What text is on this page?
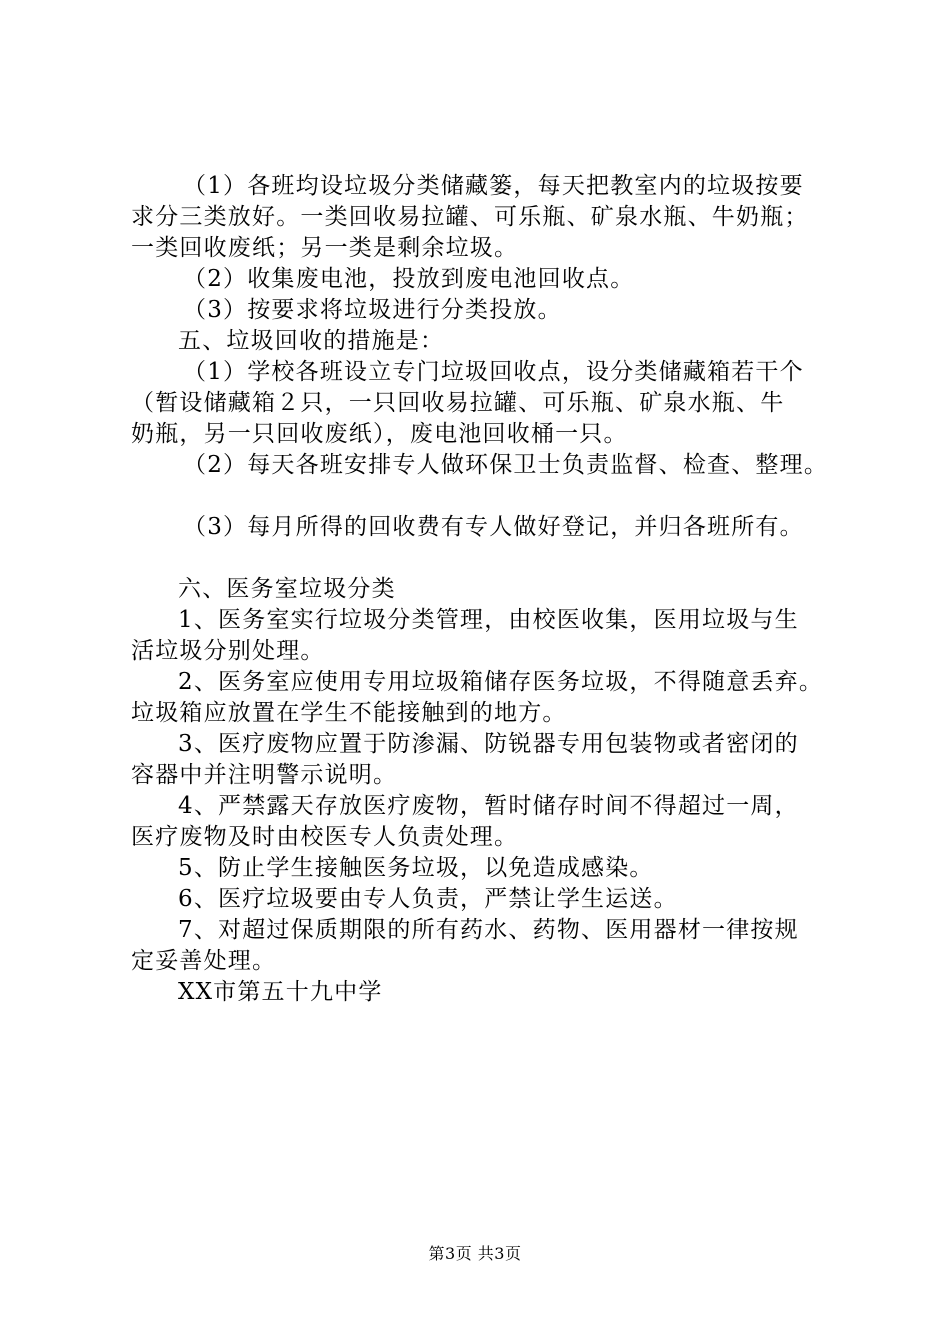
（1）各班均设垃圾分类储藏篓，每天把教室内的垃圾按要
求分三类放好。一类回收易拉罐、可乐瓶、矿泉水瓶、牛奶瓶；
一类回收废纸；另一类是剩余垃圾。
（2）收集废电池，投放到废电池回收点。
（3）按要求将垃圾进行分类投放。
五、垃圾回收的措施是：
（1）学校各班设立专门垃圾回收点，设分类储藏箱若干个
（暂设储藏箱２只，一只回收易拉罐、可乐瓶、矿泉水瓶、牛
奶瓶，另一只回收废纸），废电池回收桶一只。
（2）每天各班安排专人做环保卫士负责监督、检查、整理。
（3）每月所得的回收费有专人做好登记，并归各班所有。
六、医务室垃圾分类
1、医务室实行垃圾分类管理，由校医收集，医用垃圾与生
活垃圾分别处理。
2、医务室应使用专用垃圾箱储存医务垃圾，不得随意丢弃。
垃圾箱应放置在学生不能接触到的地方。
3、医疗废物应置于防渗漏、防锐器专用包装物或者密闭的
容器中并注明警示说明。
4、严禁露天存放医疗废物，暂时储存时间不得超过一周，
医疗废物及时由校医专人负责处理。
5、防止学生接触医务垃圾，以免造成感染。
6、医疗垃圾要由专人负责，严禁让学生运送。
7、对超过保质期限的所有药水、药物、医用器材一律按规
定妥善处理。
XX市第五十九中学
第3页 共3页
